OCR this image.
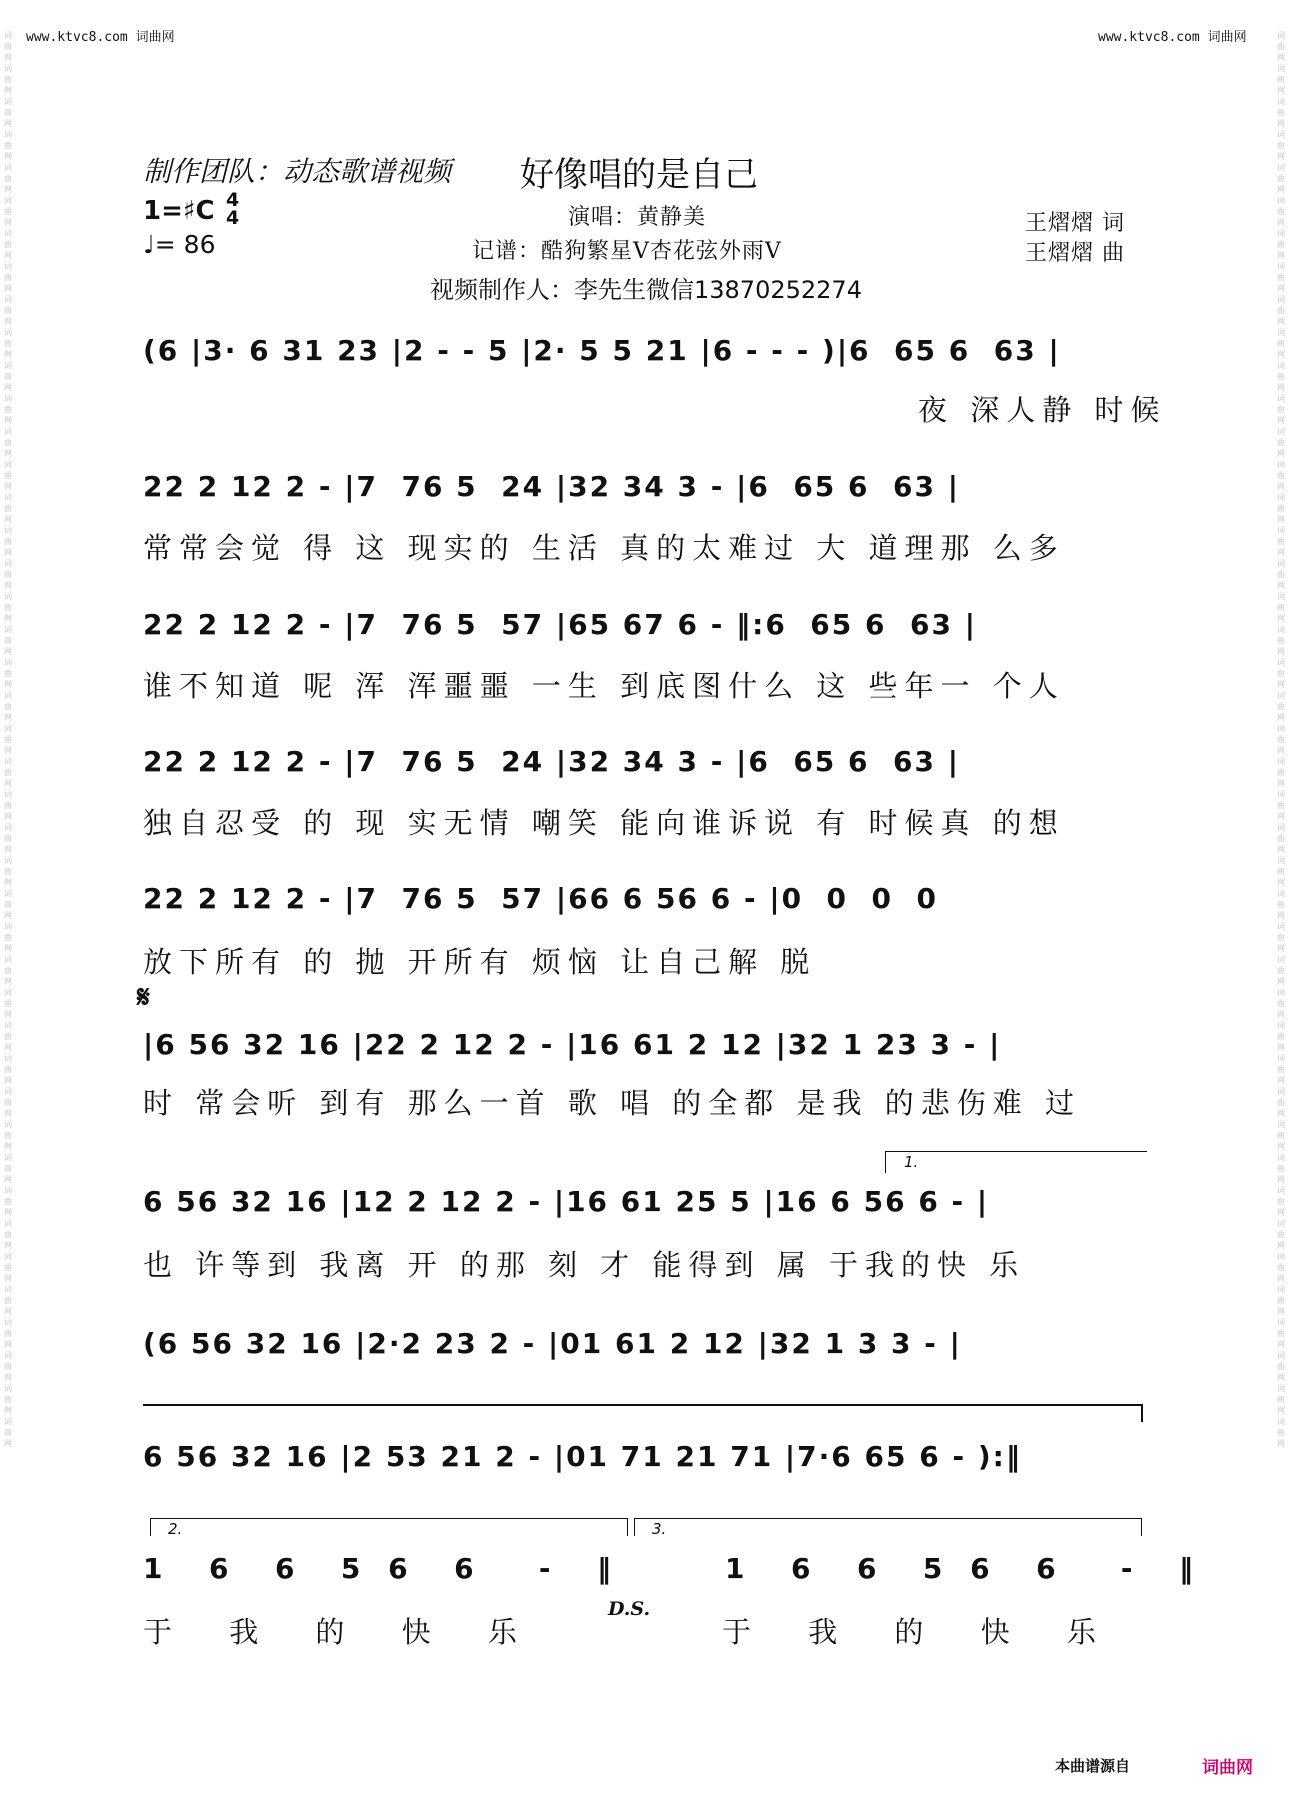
www.ktvc8.com 词曲网	www.ktvc8.com 词曲网
词曲网词曲网词曲网词曲网词曲网词曲网词曲网词曲网词曲网词曲网词曲网词曲网词曲网词曲网词曲网词曲网词曲网词曲网词曲网词曲网词曲网词曲网词曲网词曲网词曲网词曲网词曲网词曲网词曲网词曲网词曲网词曲网词曲网词曲网词曲网词曲网词曲网词曲网词曲网词曲网词曲网词曲网词曲网
词曲网词曲网词曲网词曲网词曲网词曲网词曲网词曲网词曲网词曲网词曲网词曲网词曲网词曲网词曲网词曲网词曲网词曲网词曲网词曲网词曲网词曲网词曲网词曲网词曲网词曲网词曲网词曲网词曲网词曲网词曲网词曲网词曲网词曲网词曲网词曲网词曲网词曲网词曲网词曲网词曲网词曲网词曲网
制作团队：动态歌谱视频 好像唱的是自己
1=♯C 4
4
♩= 86
演唱：黄静美
记谱：酷狗繁星V杏花弦外雨V
视频制作人：李先生微信13870252274
王熠熠 词
王熠熠 曲
(6 |3· 6 31 23 |2 - - 5 |2· 5 5 21 |6 - - - )|6  65 6  63 |
夜 深人静 时候
22 2 12 2 - |7  76 5  24 |32 34 3 - |6  65 6  63 |
常常会觉 得 这 现实的 生活 真的太难过 大 道理那 么多
22 2 12 2 - |7  76 5  57 |65 67 6 - ‖:6  65 6  63 |
谁不知道 呢 浑 浑噩噩 一生 到底图什么 这 些年一 个人
22 2 12 2 - |7  76 5  24 |32 34 3 - |6  65 6  63 |
独自忍受 的 现 实无情 嘲笑 能向谁诉说 有 时候真 的想
22 2 12 2 - |7  76 5  57 |66 6 56 6 - |0  0  0  0
放下所有 的 抛 开所有 烦恼 让自己解 脱
𝄋
|6 56 32 16 |22 2 12 2 - |16 61 2 12 |32 1 23 3 - |
时 常会听 到有 那么一首 歌 唱 的全都 是我 的悲伤难 过
1.
6 56 32 16 |12 2 12 2 - |16 61 25 5 |16 6 56 6 - |
也 许等到 我离 开 的那 刻 才 能得到 属 于我的快 乐
(6 56 32 16 |2·2 23 2 - |01 61 2 12 |32 1 3 3 - |
6 56 32 16 |2 53 21 2 - |01 71 21 71 |7·6 65 6 - ):‖
2.	3.
1  6  6  5 6  6   -  ‖	1  6  6  5 6  6   -  ‖
于 我 的 快 乐	于 我 的 快 乐
D.S.
本曲谱源自	词曲网
